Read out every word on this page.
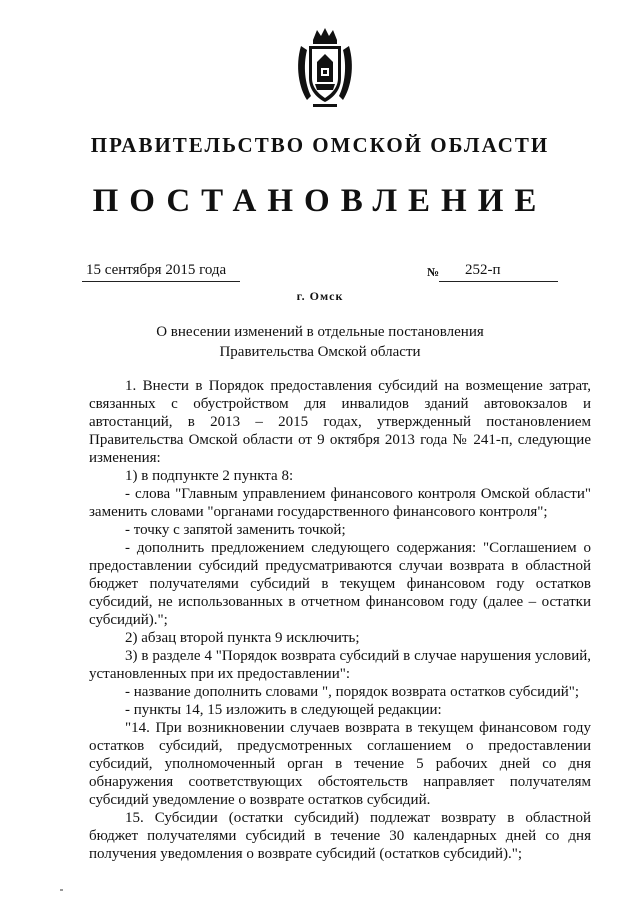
ПРАВИТЕЛЬСТВО ОМСКОЙ ОБЛАСТИ
ПОСТАНОВЛЕНИЕ
15 сентября 2015 года	№ 252-п
г. Омск
О внесении изменений в отдельные постановления
Правительства Омской области

1. Внести в Порядок предоставления субсидий на возмещение затрат, связанных с обустройством для инвалидов зданий автовокзалов и автостанций, в 2013 – 2015 годах, утвержденный постановлением Правительства Омской области от 9 октября 2013 года № 241-п, следующие изменения:

1) в подпункте 2 пункта 8:

- слова "Главным управлением финансового контроля Омской области" заменить словами "органами государственного финансового контроля";

- точку с запятой заменить точкой;

- дополнить предложением следующего содержания: "Соглашением о предоставлении субсидий предусматриваются случаи возврата в областной бюджет получателями субсидий в текущем финансовом году остатков субсидий, не использованных в отчетном финансовом году (далее – остатки субсидий).";

2) абзац второй пункта 9 исключить;

3) в разделе 4 "Порядок возврата субсидий в случае нарушения условий, установленных при их предоставлении":

- название дополнить словами ", порядок возврата остатков субсидий";

- пункты 14, 15 изложить в следующей редакции:

"14. При возникновении случаев возврата в текущем финансовом году остатков субсидий, предусмотренных соглашением о предоставлении субсидий, уполномоченный орган в течение 5 рабочих дней со дня обнаружения соответствующих обстоятельств направляет получателям субсидий уведомление о возврате остатков субсидий.

15. Субсидии (остатки субсидий) подлежат возврату в областной бюджет получателями субсидий в течение 30 календарных дней со дня получения уведомления о возврате субсидий (остатков субсидий).";
